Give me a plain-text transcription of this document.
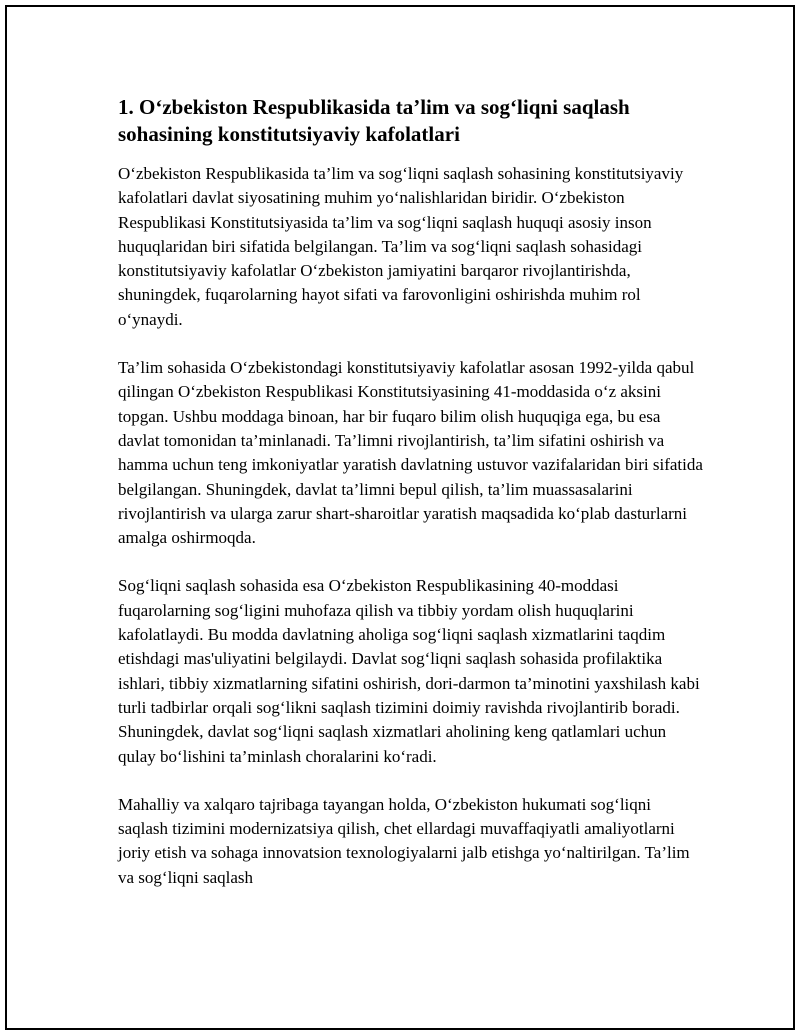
1. O‘zbekiston Respublikasida ta’lim va sog‘liqni saqlash sohasining konstitutsiyaviy kafolatlari

O‘zbekiston Respublikasida ta’lim va sog‘liqni saqlash sohasining konstitutsiyaviy kafolatlari davlat siyosatining muhim yo‘nalishlaridan biridir. O‘zbekiston Respublikasi Konstitutsiyasida ta’lim va sog‘liqni saqlash huquqi asosiy inson huquqlaridan biri sifatida belgilangan. Ta’lim va sog‘liqni saqlash sohasidagi konstitutsiyaviy kafolatlar O‘zbekiston jamiyatini barqaror rivojlantirishda, shuningdek, fuqarolarning hayot sifati va farovonligini oshirishda muhim rol o‘ynaydi.

Ta’lim sohasida O‘zbekistondagi konstitutsiyaviy kafolatlar asosan 1992-yilda qabul qilingan O‘zbekiston Respublikasi Konstitutsiyasining 41-moddasida o‘z aksini topgan. Ushbu moddaga binoan, har bir fuqaro bilim olish huquqiga ega, bu esa davlat tomonidan ta’minlanadi. Ta’limni rivojlantirish, ta’lim sifatini oshirish va hamma uchun teng imkoniyatlar yaratish davlatning ustuvor vazifalaridan biri sifatida belgilangan. Shuningdek, davlat ta’limni bepul qilish, ta’lim muassasalarini rivojlantirish va ularga zarur shart-sharoitlar yaratish maqsadida ko‘plab dasturlarni amalga oshirmoqda.

Sog‘liqni saqlash sohasida esa O‘zbekiston Respublikasining 40-moddasi fuqarolarning sog‘ligini muhofaza qilish va tibbiy yordam olish huquqlarini kafolatlaydi. Bu modda davlatning aholiga sog‘liqni saqlash xizmatlarini taqdim etishdagi mas'uliyatini belgilaydi. Davlat sog‘liqni saqlash sohasida profilaktika ishlari, tibbiy xizmatlarning sifatini oshirish, dori-darmon ta’minotini yaxshilash kabi turli tadbirlar orqali sog‘likni saqlash tizimini doimiy ravishda rivojlantirib boradi. Shuningdek, davlat sog‘liqni saqlash xizmatlari aholining keng qatlamlari uchun qulay bo‘lishini ta’minlash choralarini ko‘radi.

Mahalliy va xalqaro tajribaga tayangan holda, O‘zbekiston hukumati sog‘liqni saqlash tizimini modernizatsiya qilish, chet ellardagi muvaffaqiyatli amaliyotlarni joriy etish va sohaga innovatsion texnologiyalarni jalb etishga yo‘naltirilgan. Ta’lim va sog‘liqni saqlash
